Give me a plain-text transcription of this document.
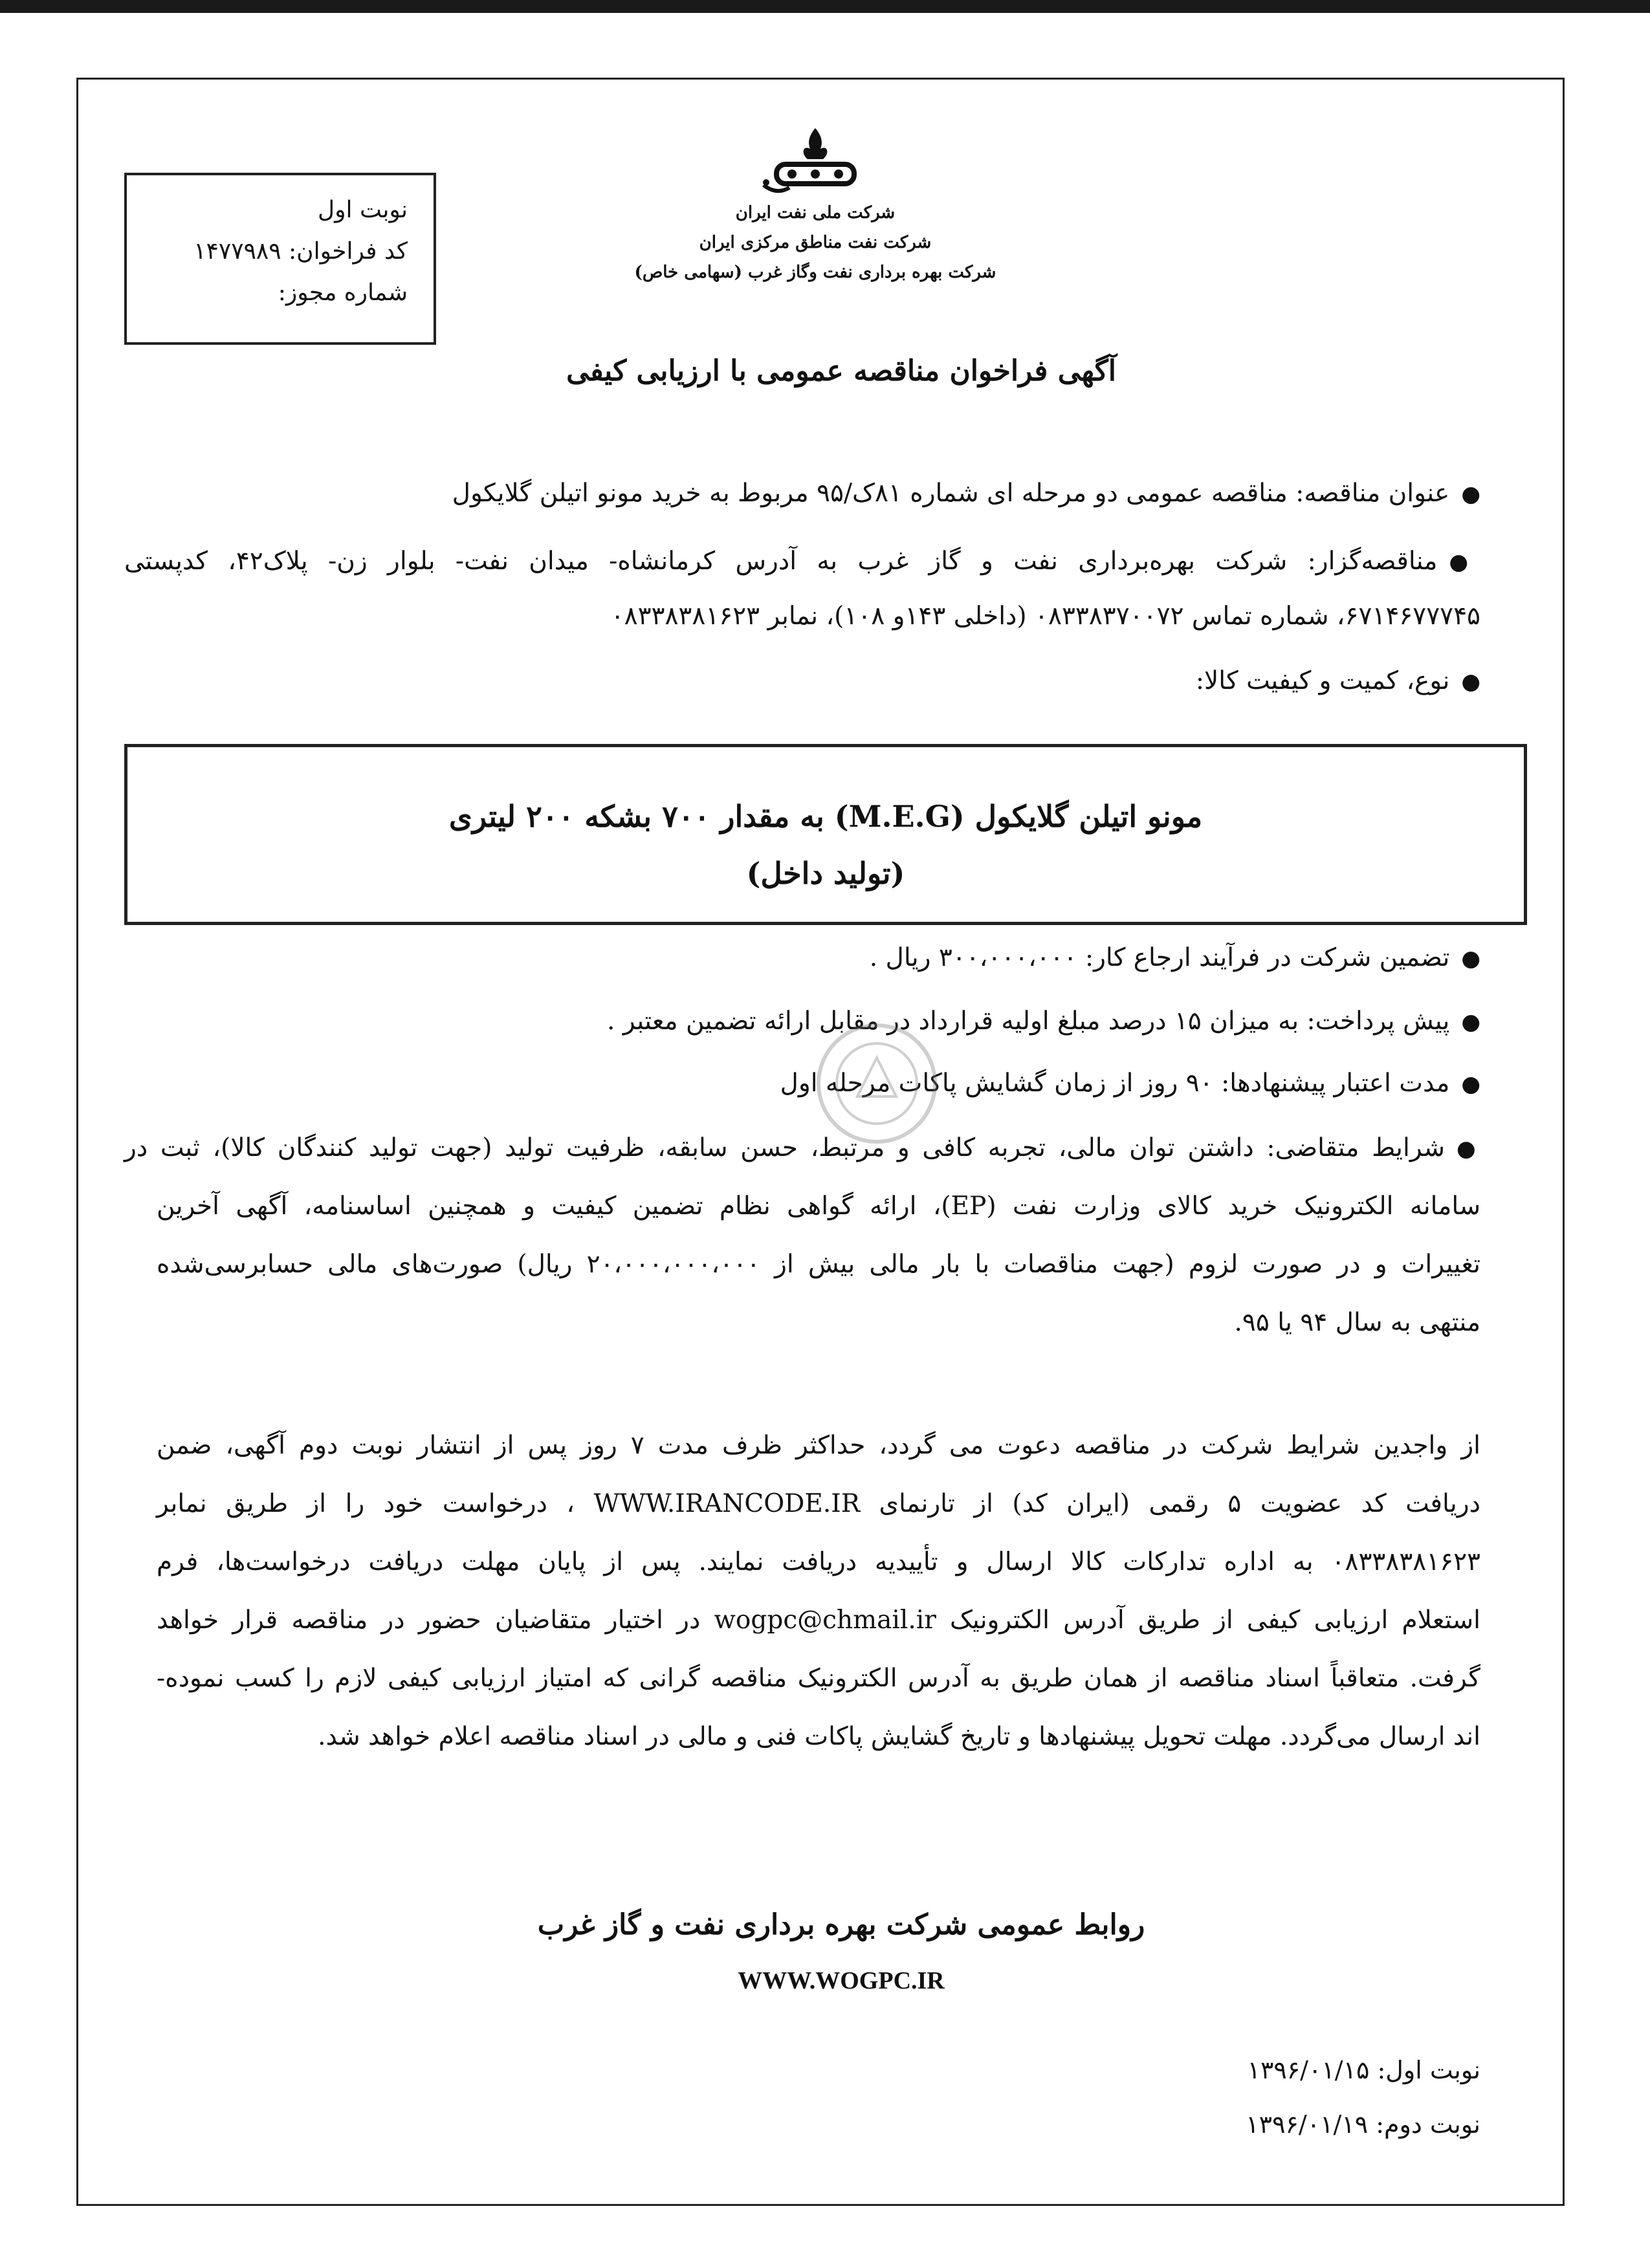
نوبت اول
کد فراخوان: ۱۴۷۷۹۸۹
شماره مجوز:
شرکت ملی نفت ایران
شرکت نفت مناطق مرکزی ایران
شرکت بهره برداری نفت وگاز غرب (سهامی خاص)
آگهی فراخوان مناقصه عمومی با ارزیابی کیفی
●عنوان مناقصه: مناقصه عمومی دو مرحله ای شماره ۸۱ک/۹۵ مربوط به خرید مونو اتیلن گلایکول
●مناقصه‌گزار: شرکت بهره‌برداری نفت و گاز غرب به آدرس کرمانشاه- میدان نفت- بلوار زن- پلاک۴۲، کدپستی
۶۷۱۴۶۷۷۷۴۵، شماره تماس ۰۸۳۳۸۳۷۰۰۷۲ (داخلی ۱۴۳و ۱۰۸)، نمابر ۰۸۳۳۸۳۸۱۶۲۳
●نوع، کمیت و کیفیت کالا:
مونو اتیلن گلایکول (M.E.G) به مقدار ۷۰۰ بشکه ۲۰۰ لیتری
(تولید داخل)
●تضمین شرکت در فرآیند ارجاع کار: ۳۰۰،۰۰۰،۰۰۰ ریال .
●پیش پرداخت: به میزان ۱۵ درصد مبلغ اولیه قرارداد در مقابل ارائه تضمین معتبر .
●مدت اعتبار پیشنهادها: ۹۰ روز از زمان گشایش پاکات مرحله اول
●شرایط متقاضی: داشتن توان مالی، تجربه کافی و مرتبط، حسن سابقه، ظرفیت تولید (جهت تولید کنندگان کالا)، ثبت در
سامانه الکترونیک خرید کالای وزارت نفت (EP)، ارائه گواهی نظام تضمین کیفیت و همچنین اساسنامه، آگهی آخرین
تغییرات و در صورت لزوم (جهت مناقصات با بار مالی بیش از ۲۰،۰۰۰،۰۰۰،۰۰۰ ریال) صورت‌های مالی حسابرسی‌شده
منتهی به سال ۹۴ یا ۹۵.
از واجدین شرایط شرکت در مناقصه دعوت می گردد، حداکثر ظرف مدت ۷ روز پس از انتشار نوبت دوم آگهی، ضمن
دریافت کد عضویت ۵ رقمی (ایران کد) از تارنمای WWW.IRANCODE.IR ، درخواست خود را از طریق نمابر
۰۸۳۳۸۳۸۱۶۲۳ به اداره تدارکات کالا ارسال و تأییدیه دریافت نمایند. پس از پایان مهلت دریافت درخواست‌ها، فرم
استعلام ارزیابی کیفی از طریق آدرس الکترونیک wogpc@chmail.ir در اختیار متقاضیان حضور در مناقصه قرار خواهد
گرفت. متعاقباً اسناد مناقصه از همان طریق به آدرس الکترونیک مناقصه گرانی که امتیاز ارزیابی کیفی لازم را کسب نموده-
اند ارسال می‌گردد. مهلت تحویل پیشنهادها و تاریخ گشایش پاکات فنی و مالی در اسناد مناقصه اعلام خواهد شد.
روابط عمومی شرکت بهره برداری نفت و گاز غرب
WWW.WOGPC.IR
نوبت اول: ۱۳۹۶/۰۱/۱۵
نوبت دوم: ۱۳۹۶/۰۱/۱۹
